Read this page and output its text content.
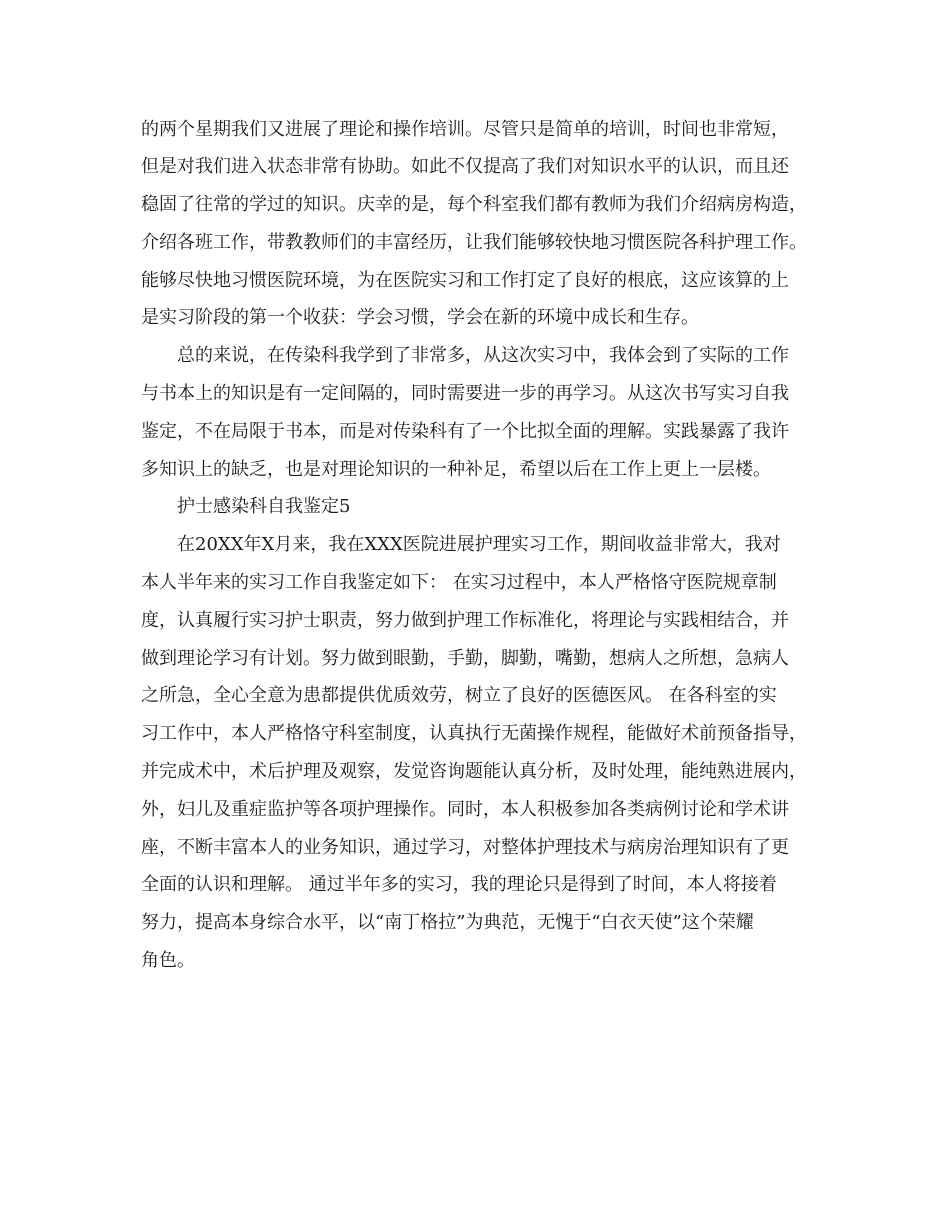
的两个星期我们又进展了理论和操作培训。尽管只是简单的培训，时间也非常短，
但是对我们进入状态非常有协助。如此不仅提高了我们对知识水平的认识，而且还
稳固了往常的学过的知识。庆幸的是，每个科室我们都有教师为我们介绍病房构造，
介绍各班工作，带教教师们的丰富经历，让我们能够较快地习惯医院各科护理工作。
能够尽快地习惯医院环境，为在医院实习和工作打定了良好的根底，这应该算的上
是实习阶段的第一个收获：学会习惯，学会在新的环境中成长和生存。
总的来说，在传染科我学到了非常多，从这次实习中，我体会到了实际的工作
与书本上的知识是有一定间隔的，同时需要进一步的再学习。从这次书写实习自我
鉴定，不在局限于书本，而是对传染科有了一个比拟全面的理解。实践暴露了我许
多知识上的缺乏，也是对理论知识的一种补足，希望以后在工作上更上一层楼。
护士感染科自我鉴定5
在20XX年X月来，我在XXX医院进展护理实习工作，期间收益非常大，我对
本人半年来的实习工作自我鉴定如下： 在实习过程中，本人严格恪守医院规章制
度，认真履行实习护士职责，努力做到护理工作标准化，将理论与实践相结合，并
做到理论学习有计划。努力做到眼勤，手勤，脚勤，嘴勤，想病人之所想，急病人
之所急，全心全意为患都提供优质效劳，树立了良好的医德医风。 在各科室的实
习工作中，本人严格恪守科室制度，认真执行无菌操作规程，能做好术前预备指导，
并完成术中，术后护理及观察，发觉咨询题能认真分析，及时处理，能纯熟进展内，
外，妇儿及重症监护等各项护理操作。同时，本人积极参加各类病例讨论和学术讲
座，不断丰富本人的业务知识，通过学习，对整体护理技术与病房治理知识有了更
全面的认识和理解。 通过半年多的实习，我的理论只是得到了时间，本人将接着
努力，提高本身综合水平，以“南丁格拉”为典范，无愧于“白衣天使”这个荣耀
角色。
